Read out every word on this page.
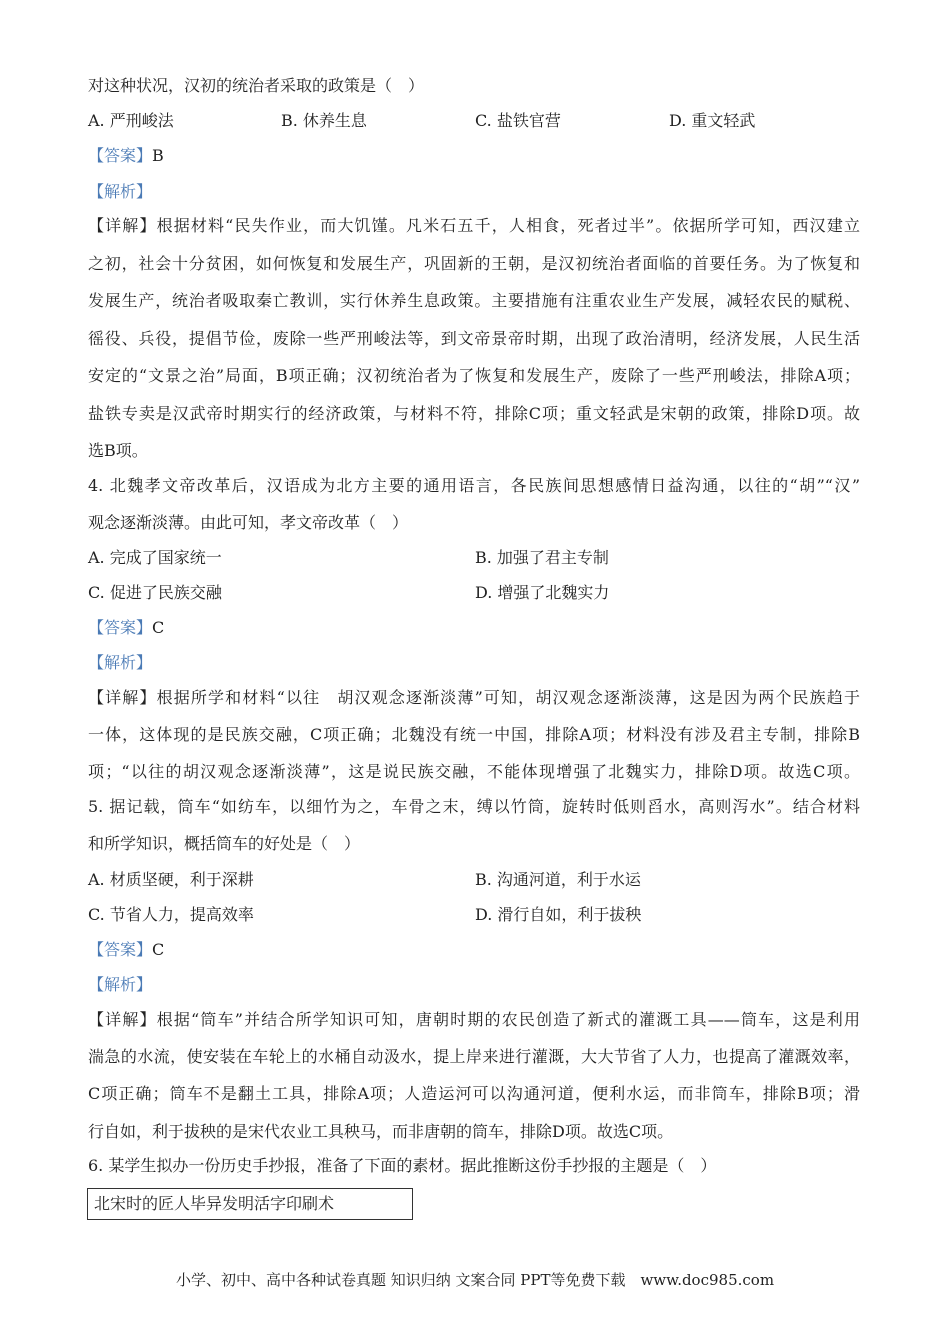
对这种状况，汉初的统治者采取的政策是（　）
A. 严刑峻法	B. 休养生息	C. 盐铁官营	D. 重文轻武
【答案】B
【解析】
【详解】根据材料“民失作业，而大饥馑。凡米石五千，人相食，死者过半”。依据所学可知，西汉建立
之初，社会十分贫困，如何恢复和发展生产，巩固新的王朝，是汉初统治者面临的首要任务。为了恢复和
发展生产，统治者吸取秦亡教训，实行休养生息政策。主要措施有注重农业生产发展，减轻农民的赋税、
徭役、兵役，提倡节俭，废除一些严刑峻法等，到文帝景帝时期，出现了政治清明，经济发展，人民生活
安定的“文景之治”局面，B项正确；汉初统治者为了恢复和发展生产，废除了一些严刑峻法，排除A项；
盐铁专卖是汉武帝时期实行的经济政策，与材料不符，排除C项；重文轻武是宋朝的政策，排除D项。故
选B项。
4. 北魏孝文帝改革后，汉语成为北方主要的通用语言，各民族间思想感情日益沟通，以往的“胡”“汉”
观念逐渐淡薄。由此可知，孝文帝改革（　）
A. 完成了国家统一	B. 加强了君主专制
C. 促进了民族交融	D. 增强了北魏实力
【答案】C
【解析】
【详解】根据所学和材料“以往　胡汉观念逐渐淡薄”可知，胡汉观念逐渐淡薄，这是因为两个民族趋于
一体，这体现的是民族交融，C项正确；北魏没有统一中国，排除A项；材料没有涉及君主专制，排除B
项；“以往的胡汉观念逐渐淡薄”，这是说民族交融，不能体现增强了北魏实力，排除D项。故选C项。
5. 据记载，筒车“如纺车，以细竹为之，车骨之末，缚以竹筒，旋转时低则舀水，高则泻水”。结合材料
和所学知识，概括筒车的好处是（　）
A. 材质坚硬，利于深耕	B. 沟通河道，利于水运
C. 节省人力，提高效率	D. 滑行自如，利于拔秧
【答案】C
【解析】
【详解】根据“筒车”并结合所学知识可知，唐朝时期的农民创造了新式的灌溉工具——筒车，这是利用
湍急的水流，使安装在车轮上的水桶自动汲水，提上岸来进行灌溉，大大节省了人力，也提高了灌溉效率，
C项正确；筒车不是翻土工具，排除A项；人造运河可以沟通河道，便利水运，而非筒车，排除B项；滑
行自如，利于拔秧的是宋代农业工具秧马，而非唐朝的筒车，排除D项。故选C项。
6. 某学生拟办一份历史手抄报，准备了下面的素材。据此推断这份手抄报的主题是（　）
北宋时的匠人毕异发明活字印刷术
小学、初中、高中各种试卷真题 知识归纳 文案合同 PPT等免费下载　www.doc985.com
